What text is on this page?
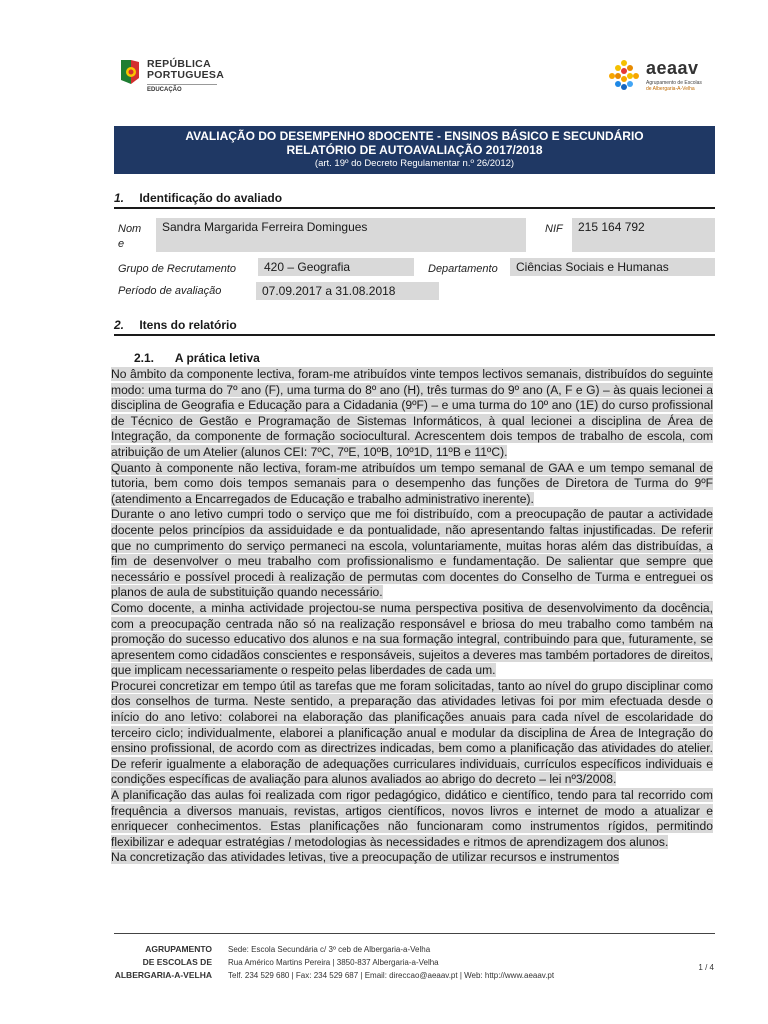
REPÚBLICA
PORTUGUESA
EDUCAÇÃO
aeaav
Agrupamento de Escolas
de Albergaria-A-Velha
AVALIAÇÃO DO DESEMPENHO 8DOCENTE - ENSINOS BÁSICO E SECUNDÁRIO
RELATÓRIO DE AUTOAVALIAÇÃO 2017/2018
(art. 19º do Decreto Regulamentar n.º 26/2012)
1. Identificação do avaliado
Nom
e
Sandra Margarida Ferreira Domingues	NIF	215 164 792
Grupo de Recrutamento	420 – Geografia	Departamento	Ciências Sociais e Humanas
Período de avaliação	07.09.2017 a 31.08.2018
2. Itens do relatório
2.1. A prática letiva

No âmbito da componente lectiva, foram-me atribuídos vinte tempos lectivos semanais, distribuídos do seguinte modo: uma turma do 7º ano (F), uma turma do 8º ano (H), três turmas do 9º ano (A, F e G) – às quais lecionei a disciplina de Geografia e Educação para a Cidadania (9ºF) – e uma turma do 10º ano (1E) do curso profissional de Técnico de Gestão e Programação de Sistemas Informáticos, à qual lecionei a disciplina de Área de Integração, da componente de formação sociocultural. Acrescentem dois tempos de trabalho de escola, com atribuição de um Atelier (alunos CEI: 7ºC, 7ºE, 10ºB, 10º1D, 11ºB e 11ºC).

Quanto à componente não lectiva, foram-me atribuídos um tempo semanal de GAA e um tempo semanal de tutoria, bem como dois tempos semanais para o desempenho das funções de Diretora de Turma do 9ºF (atendimento a Encarregados de Educação e trabalho administrativo inerente).

Durante o ano letivo cumpri todo o serviço que me foi distribuído, com a preocupação de pautar a actividade docente pelos princípios da assiduidade e da pontualidade, não apresentando faltas injustificadas. De referir que no cumprimento do serviço permaneci na escola, voluntariamente, muitas horas além das distribuídas, a fim de desenvolver o meu trabalho com profissionalismo e fundamentação. De salientar que sempre que necessário e possível procedi à realização de permutas com docentes do Conselho de Turma e entreguei os planos de aula de substituição quando necessário.

Como docente, a minha actividade projectou-se numa perspectiva positiva de desenvolvimento da docência, com a preocupação centrada não só na realização responsável e briosa do meu trabalho como também na promoção do sucesso educativo dos alunos e na sua formação integral, contribuindo para que, futuramente, se apresentem como cidadãos conscientes e responsáveis, sujeitos a deveres mas também portadores de direitos, que implicam necessariamente o respeito pelas liberdades de cada um.

Procurei concretizar em tempo útil as tarefas que me foram solicitadas, tanto ao nível do grupo disciplinar como dos conselhos de turma. Neste sentido, a preparação das atividades letivas foi por mim efectuada desde o início do ano letivo: colaborei na elaboração das planificações anuais para cada nível de escolaridade do terceiro ciclo; individualmente, elaborei a planificação anual e modular da disciplina de Área de Integração do ensino profissional, de acordo com as directrizes indicadas, bem como a planificação das atividades do atelier. De referir igualmente a elaboração de adequações curriculares individuais, currículos específicos individuais e condições específicas de avaliação para alunos avaliados ao abrigo do decreto – lei nº3/2008.

A planificação das aulas foi realizada com rigor pedagógico, didático e científico, tendo para tal recorrido com frequência a diversos manuais, revistas, artigos científicos, novos livros e internet de modo a atualizar e enriquecer conhecimentos. Estas planificações não funcionaram como instrumentos rígidos, permitindo flexibilizar e adequar estratégias / metodologias às necessidades e ritmos de aprendizagem dos alunos.

Na concretização das atividades letivas, tive a preocupação de utilizar recursos e instrumentos

AGRUPAMENTO
DE ESCOLAS DE
ALBERGARIA-A-VELHA
Sede: Escola Secundária c/ 3º ceb de Albergaria-a-Velha
Rua Américo Martins Pereira | 3850-837 Albergaria-a-Velha
Telf. 234 529 680 | Fax: 234 529 687 | Email: direccao@aeaav.pt | Web: http://www.aeaav.pt
1 / 4
